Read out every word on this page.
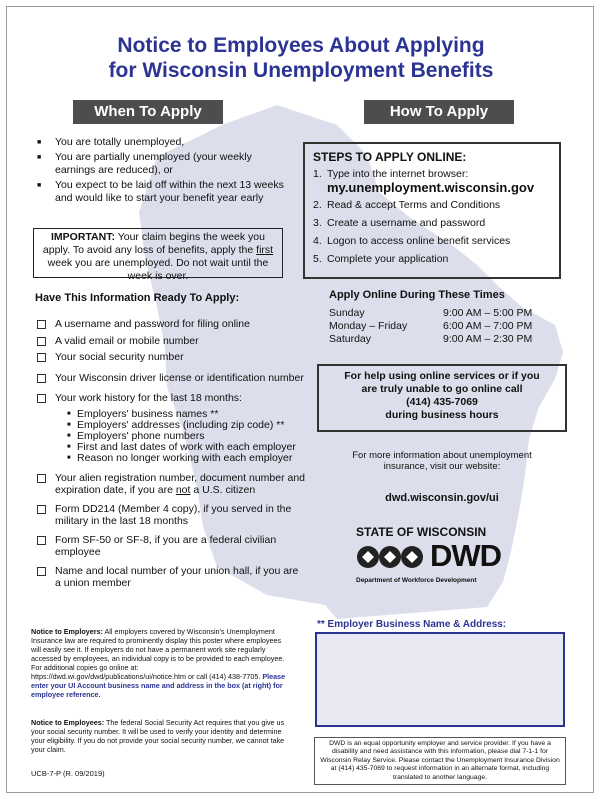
Notice to Employees About Applying
for Wisconsin Unemployment Benefits
When To Apply	How To Apply
■ You are totally unemployed,
■ You are partially unemployed (your weekly earnings are reduced), or
■ You expect to be laid off within the next 13 weeks and would like to start your benefit year early
IMPORTANT: Your claim begins the week you apply. To avoid any loss of benefits, apply the first week you are unemployed. Do not wait until the week is over.
Have This Information Ready To Apply:
A username and password for filing online
A valid email or mobile number
Your social security number
Your Wisconsin driver license or identification number
Your work history for the last 18 months:
■ Employers' business names **
■ Employers' addresses (including zip code) **
■ Employers' phone numbers
■ First and last dates of work with each employer
■ Reason no longer working with each employer
Your alien registration number, document number and expiration date, if you are not a U.S. citizen
Form DD214 (Member 4 copy), if you served in the military in the last 18 months
Form SF-50 or SF-8, if you are a federal civilian employee
Name and local number of your union hall, if you are a union member
Notice to Employers: All employers covered by Wisconsin's Unemployment Insurance law are required to prominently display this poster where employees will easily see it. If employers do not have a permanent work site regularly accessed by employees, an individual copy is to be provided to each employee. For additional copies go online at: https://dwd.wi.gov/dwd/publications/ui/notice.htm or call (414) 438-7705. Please enter your UI Account business name and address in the box (at right) for employee reference.
Notice to Employees: The federal Social Security Act requires that you give us your social security number. It will be used to verify your identity and determine your eligibility. If you do not provide your social security number, we cannot take your claim.
UCB-7-P (R. 09/2019)
STEPS TO APPLY ONLINE:
1. Type into the internet browser:
my.unemployment.wisconsin.gov
2. Read & accept Terms and Conditions
3. Create a username and password
4. Logon to access online benefit services
5. Complete your application
Apply Online During These Times
Sunday	9:00 AM – 5:00 PM
Monday – Friday	6:00 AM – 7:00 PM
Saturday	9:00 AM – 2:30 PM
For help using online services or if you
are truly unable to go online call
(414) 435-7069
during business hours
For more information about unemployment insurance, visit our website:
dwd.wisconsin.gov/ui
STATE OF WISCONSIN
DWD
Department of Workforce Development
** Employer Business Name & Address:
DWD is an equal opportunity employer and service provider. If you have a disability and need assistance with this information, please dial 7-1-1 for Wisconsin Relay Service. Please contact the Unemployment Insurance Division at (414) 435-7069 to request information in an alternate format, including translated to another language.
